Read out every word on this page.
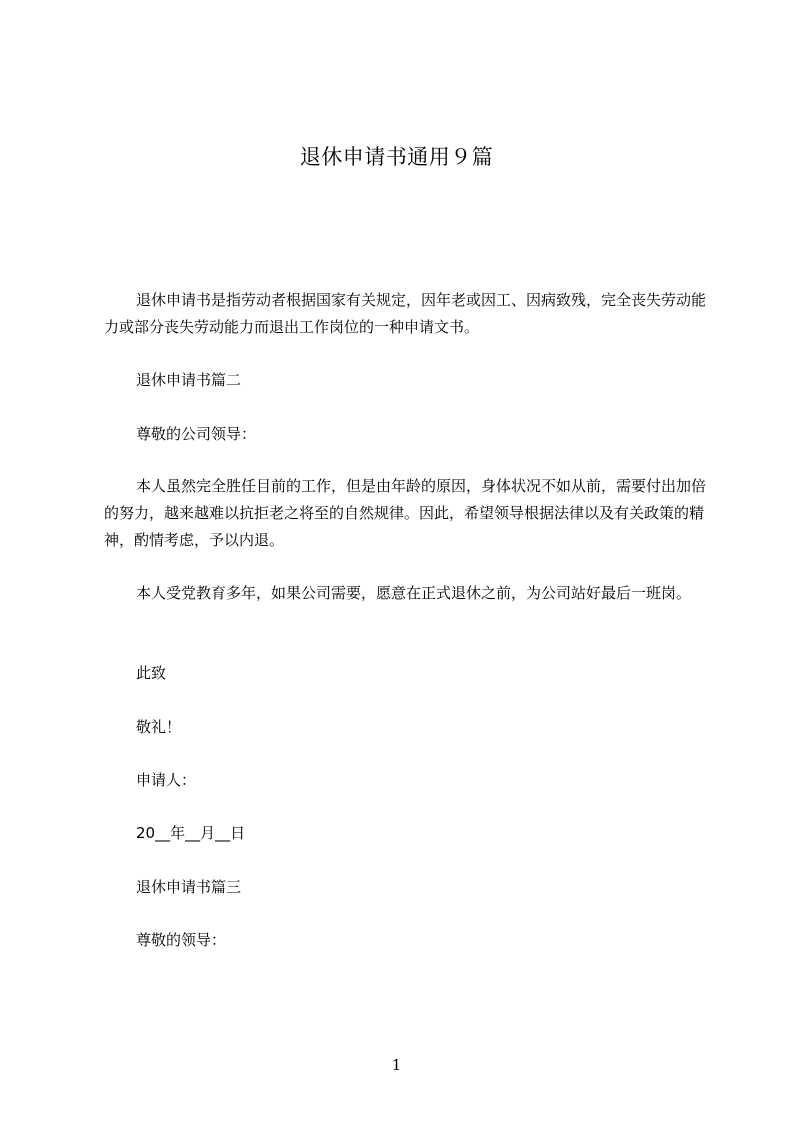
退休申请书通用９篇

退休申请书是指劳动者根据国家有关规定，因年老或因工、因病致残，完全丧失劳动能力或部分丧失劳动能力而退出工作岗位的一种申请文书。

退休申请书篇二
尊敬的公司领导：

本人虽然完全胜任目前的工作，但是由年龄的原因，身体状况不如从前，需要付出加倍的努力，越来越难以抗拒老之将至的自然规律。因此，希望领导根据法律以及有关政策的精神，酌情考虑，予以内退。

本人受党教育多年，如果公司需要，愿意在正式退休之前，为公司站好最后一班岗。

此致
敬礼！
申请人：
20__年__月__日
退休申请书篇三
尊敬的领导：
1
